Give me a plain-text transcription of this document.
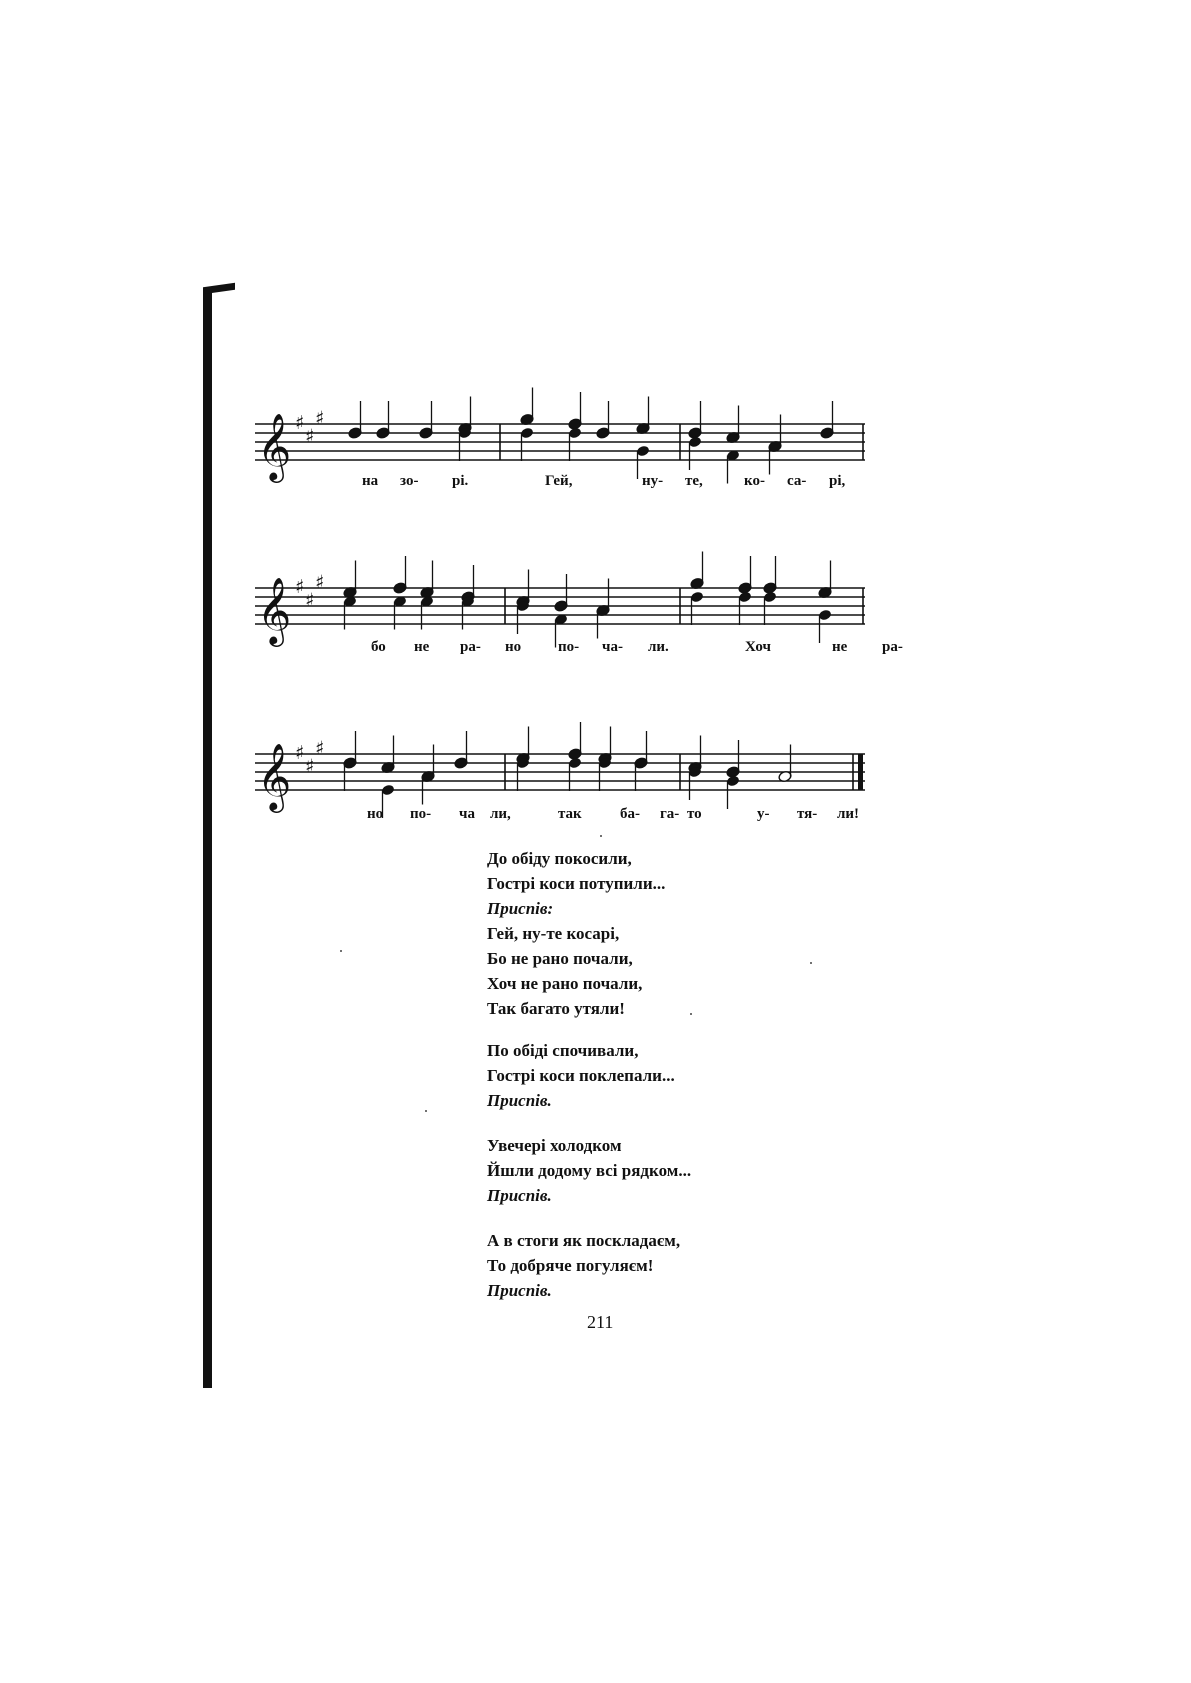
𝄞 ♯
♯
♯
𝄞 ♯
♯
♯
𝄞 ♯
♯
♯
на зо- рі.	Гей,	ну- те,	ко- са- рі,
бо не ра- но по- ча- ли.	Хоч	не ра-
но по- ча ли,	так	ба- га- то	у- тя- ли!
До обіду покосили,
Гострі коси потупили...
Приспів:
Гей, ну-те косарі,
Бо не рано почали,
Хоч не рано почали,
Так багато утяли!
По обіді спочивали,
Гострі коси поклепали...
Приспів.
Увечері холодком
Йшли додому всі рядком...
Приспів.
А в стоги як поскладаєм,
То добряче погуляєм!
Приспів.
211
